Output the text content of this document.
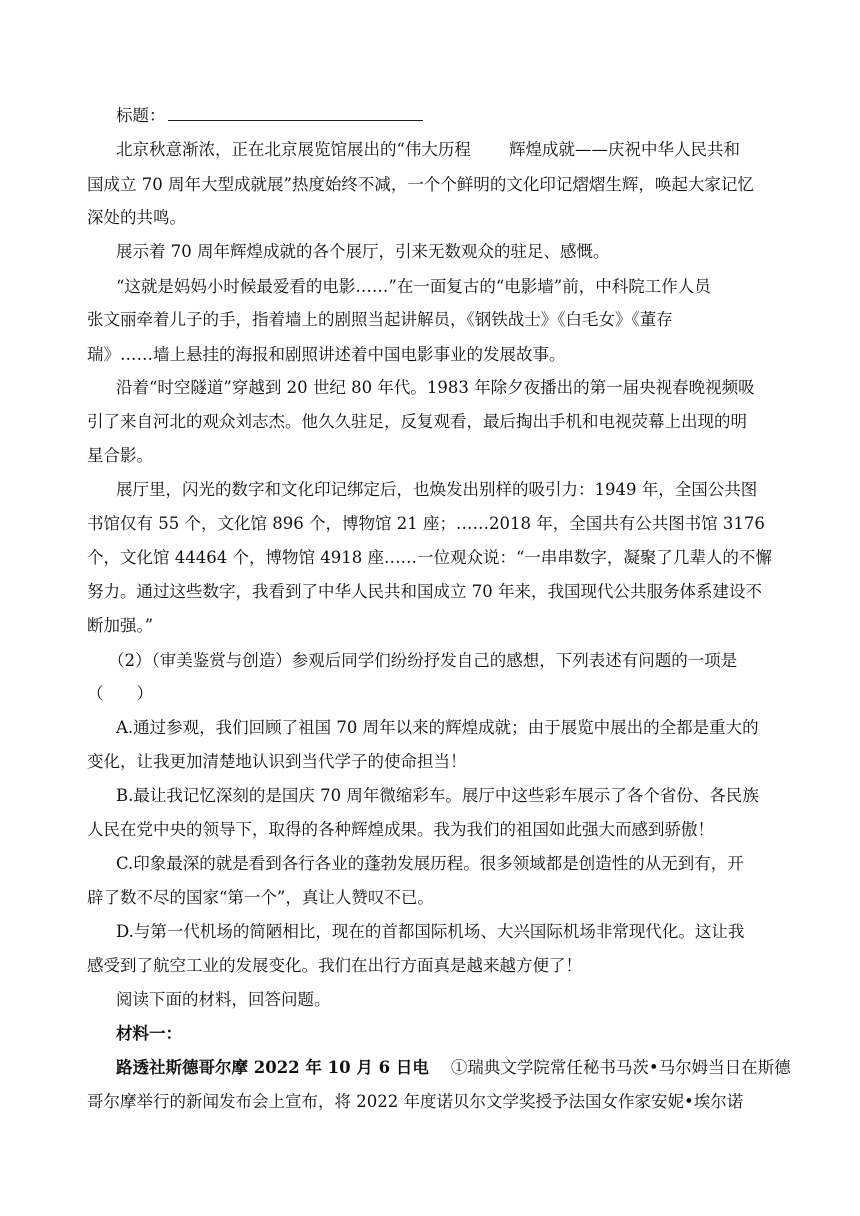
标题：
北京秋意渐浓，正在北京展览馆展出的“伟大历程 辉煌成就——庆祝中华人民共和
国成立 70 周年大型成就展”热度始终不减，一个个鲜明的文化印记熠熠生辉，唤起大家记忆
深处的共鸣。
展示着 70 周年辉煌成就的各个展厅，引来无数观众的驻足、感慨。
“这就是妈妈小时候最爱看的电影……”在一面复古的“电影墙”前，中科院工作人员
张文丽牵着儿子的手，指着墙上的剧照当起讲解员，《钢铁战士》《白毛女》《董存
瑞》……墙上悬挂的海报和剧照讲述着中国电影事业的发展故事。
沿着“时空隧道”穿越到 20 世纪 80 年代。1983 年除夕夜播出的第一届央视春晚视频吸
引了来自河北的观众刘志杰。他久久驻足，反复观看，最后掏出手机和电视荧幕上出现的明
星合影。
展厅里，闪光的数字和文化印记绑定后，也焕发出别样的吸引力：1949 年，全国公共图
书馆仅有 55 个，文化馆 896 个，博物馆 21 座；……2018 年，全国共有公共图书馆 3176
个，文化馆 44464 个，博物馆 4918 座……一位观众说：“一串串数字，凝聚了几辈人的不懈
努力。通过这些数字，我看到了中华人民共和国成立 70 年来，我国现代公共服务体系建设不
断加强。”
（2）（审美鉴赏与创造）参观后同学们纷纷抒发自己的感想，下列表述有问题的一项是
（　　）
A.通过参观，我们回顾了祖国 70 周年以来的辉煌成就；由于展览中展出的全都是重大的
变化，让我更加清楚地认识到当代学子的使命担当！
B.最让我记忆深刻的是国庆 70 周年微缩彩车。展厅中这些彩车展示了各个省份、各民族
人民在党中央的领导下，取得的各种辉煌成果。我为我们的祖国如此强大而感到骄傲！
C.印象最深的就是看到各行各业的蓬勃发展历程。很多领域都是创造性的从无到有，开
辟了数不尽的国家“第一个”，真让人赞叹不已。
D.与第一代机场的简陋相比，现在的首都国际机场、大兴国际机场非常现代化。这让我
感受到了航空工业的发展变化。我们在出行方面真是越来越方便了！
阅读下面的材料，回答问题。
材料一：
路透社斯德哥尔摩 2022 年 10 月 6 日电 ①瑞典文学院常任秘书马茨•马尔姆当日在斯德
哥尔摩举行的新闻发布会上宣布，将 2022 年度诺贝尔文学奖授予法国女作家安妮•埃尔诺
